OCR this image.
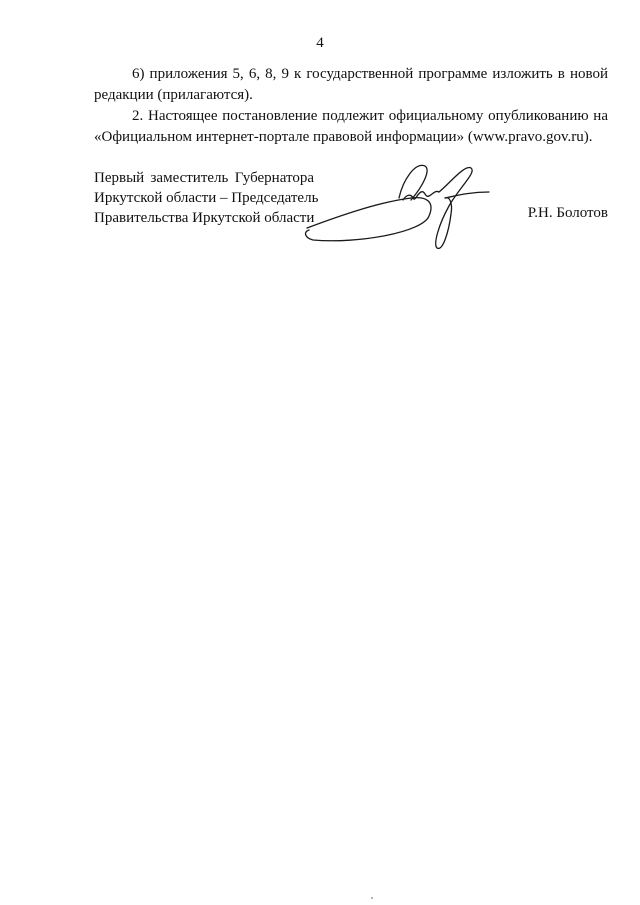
4

6) приложения 5, 6, 8, 9 к государственной программе изложить в новой редакции (прилагаются).

2. Настоящее постановление подлежит официальному опубликованию на «Официальном интернет-портале правовой информации» (www.pravo.gov.ru).

Первый заместитель Губернатора
Иркутской области – Председатель
Правительства Иркутской области	Р.Н. Болотов
